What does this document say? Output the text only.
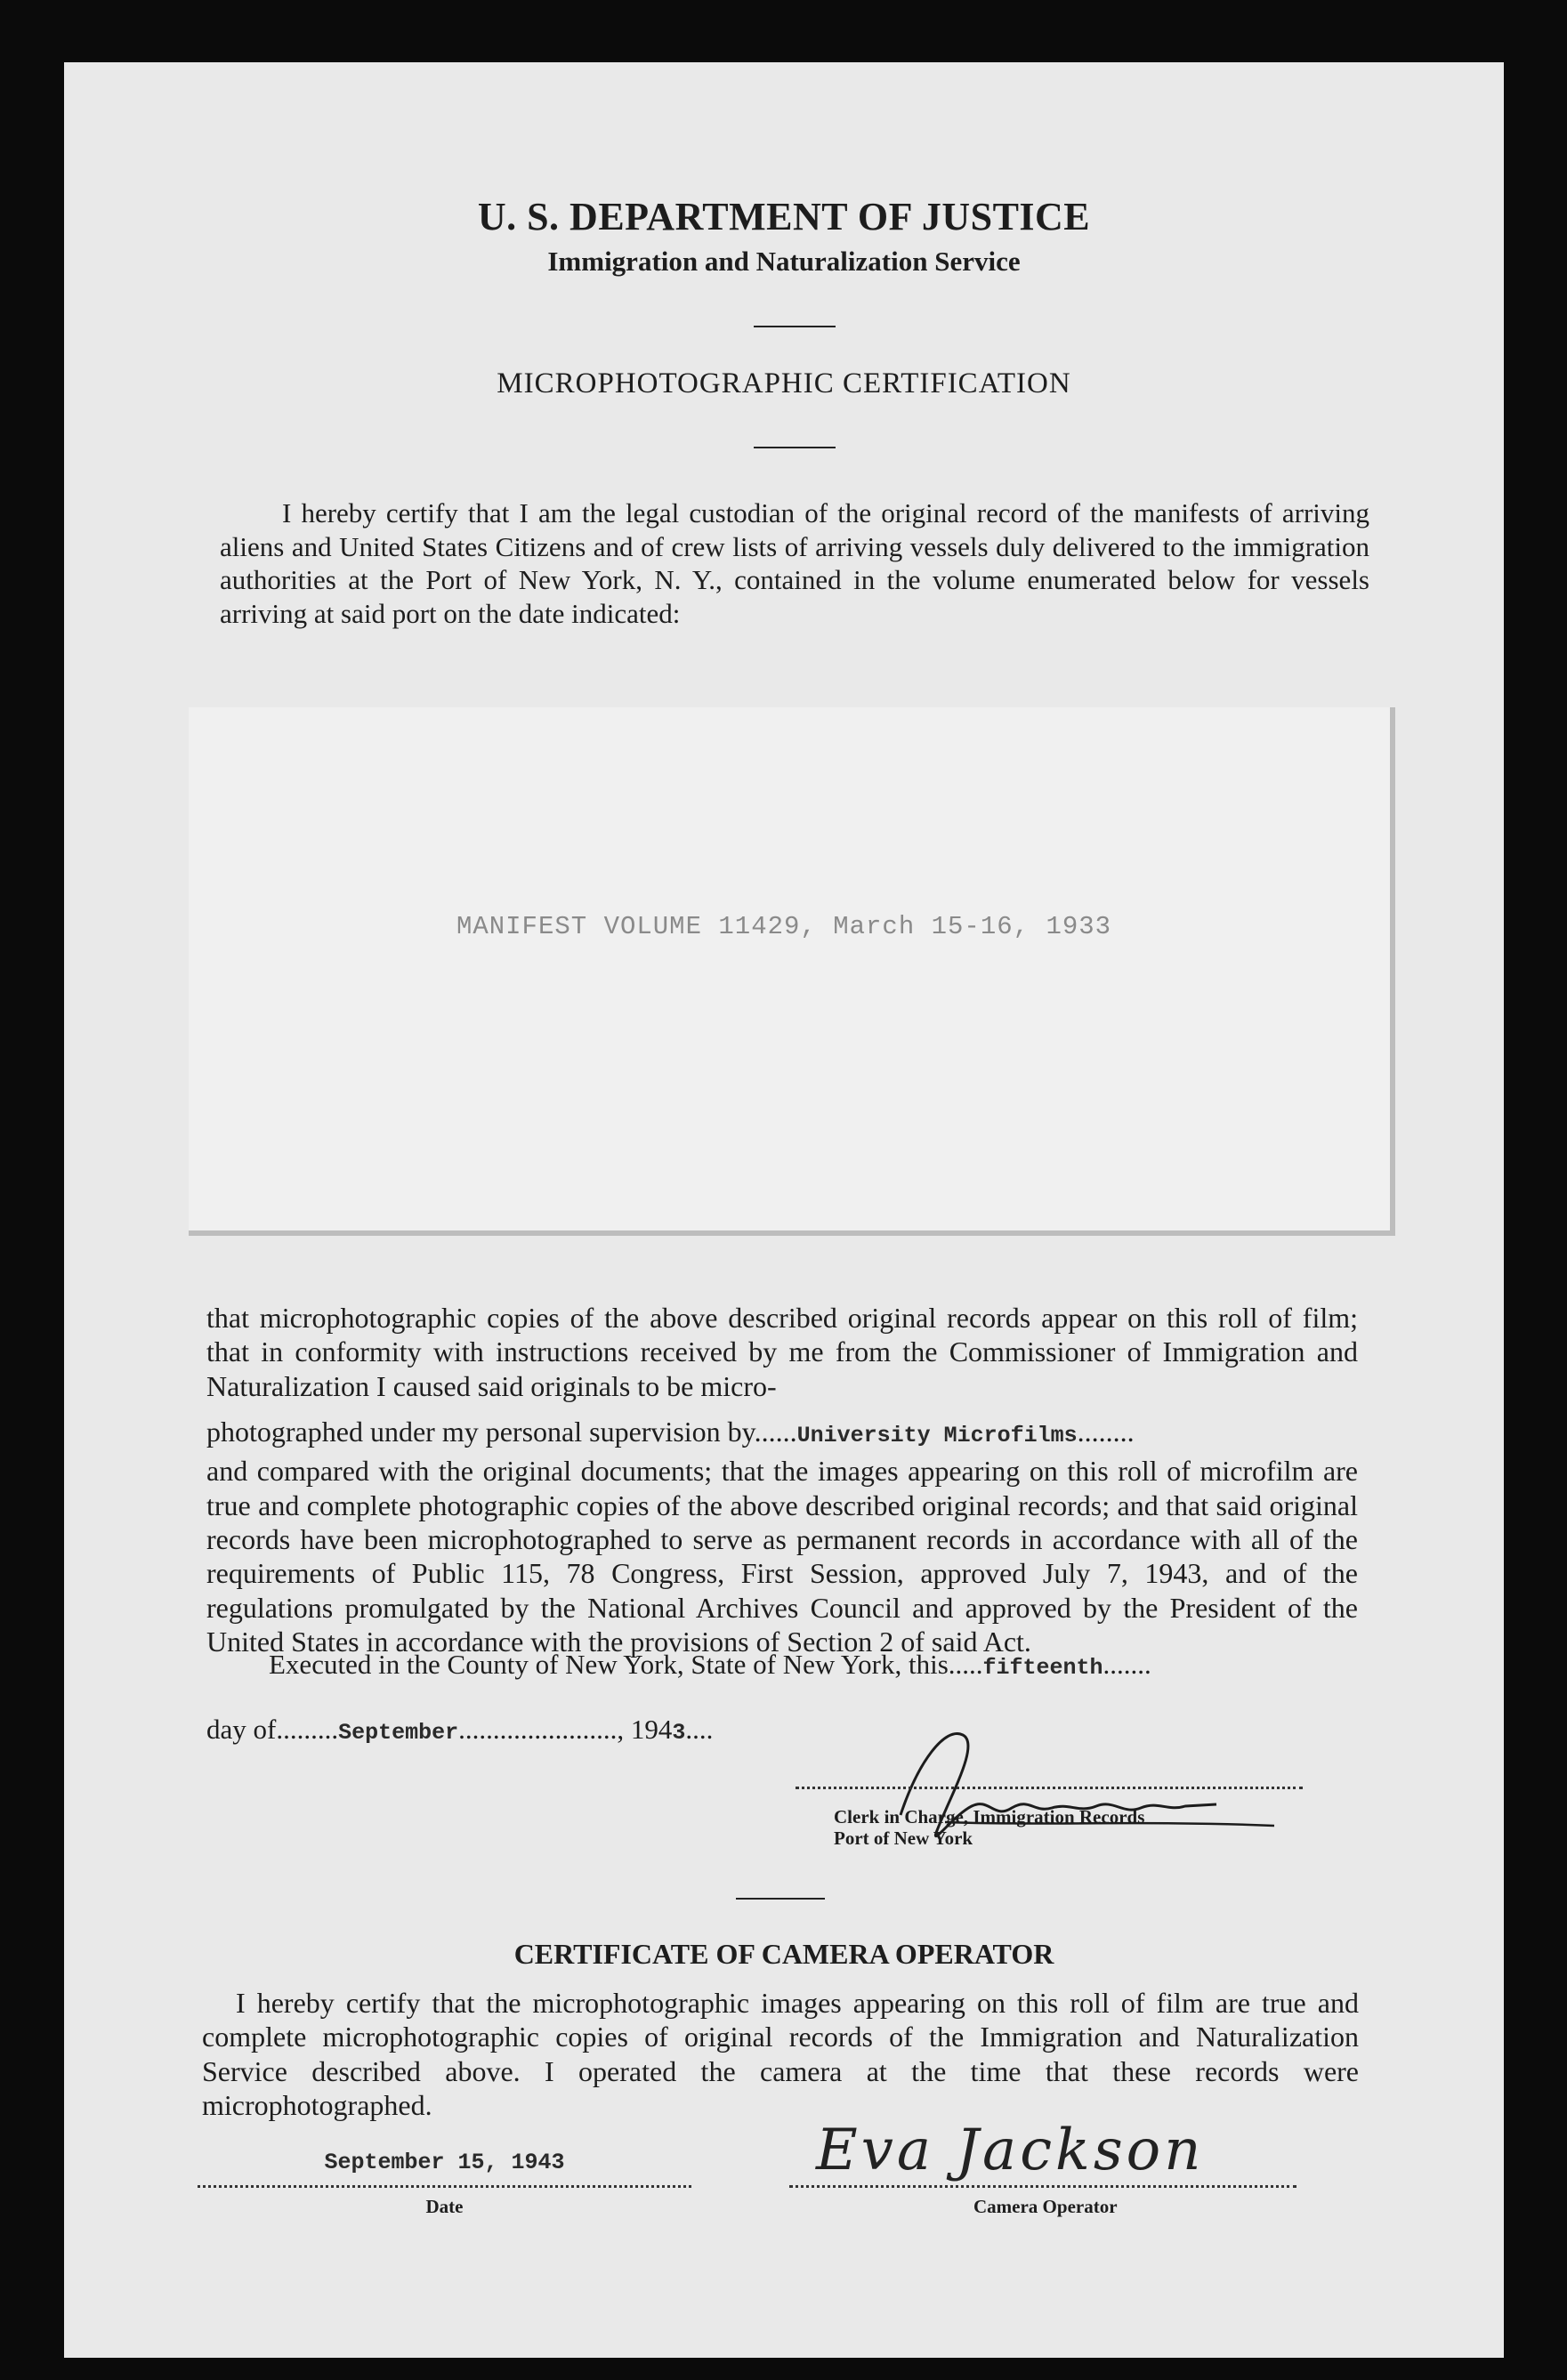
U. S. DEPARTMENT OF JUSTICE
Immigration and Naturalization Service
MICROPHOTOGRAPHIC CERTIFICATION

I hereby certify that I am the legal custodian of the original record of the manifests of arriving aliens and United States Citizens and of crew lists of arriving vessels duly delivered to the immigration authorities at the Port of New York, N. Y., contained in the volume enumerated below for vessels arriving at said port on the date indicated:

MANIFEST VOLUME 11429, March 15-16, 1933

that microphotographic copies of the above described original records appear on this roll of film; that in conformity with instructions received by me from the Commissioner of Immigration and Naturalization I caused said originals to be micro-

photographed under my personal supervision by......University Microfilms........

and compared with the original documents; that the images appearing on this roll of microfilm are true and complete photographic copies of the above described original records; and that said original records have been microphotographed to serve as permanent records in accordance with all of the requirements of Public 115, 78 Congress, First Session, approved July 7, 1943, and of the regulations promulgated by the National Archives Council and approved by the President of the United States in accordance with the provisions of Section 2 of said Act.

Executed in the County of New York, State of New York, this.....fifteenth.......
day of.........September......................., 1943....
Clerk in Charge, Immigration Records
Port of New York
CERTIFICATE OF CAMERA OPERATOR

I hereby certify that the microphotographic images appearing on this roll of film are true and complete microphotographic copies of original records of the Immigration and Naturalization Service described above. I operated the camera at the time that these records were microphotographed.

September 15, 1943
Date
Eva Jackson
Camera Operator
